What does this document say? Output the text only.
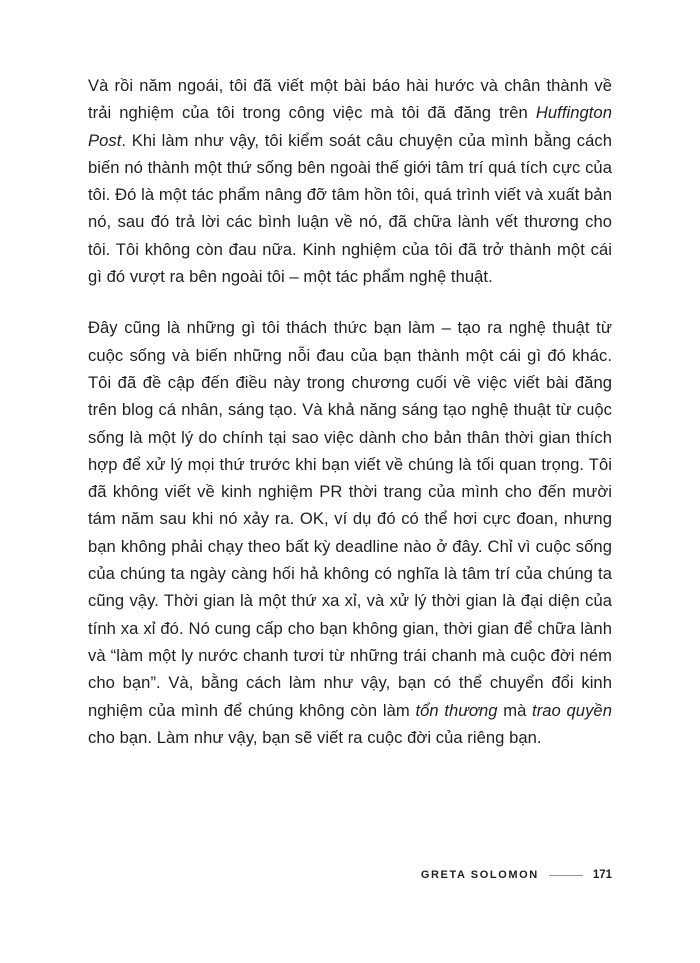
Và rồi năm ngoái, tôi đã viết một bài báo hài hước và chân thành về trải nghiệm của tôi trong công việc mà tôi đã đăng trên Huffington Post. Khi làm như vậy, tôi kiểm soát câu chuyện của mình bằng cách biến nó thành một thứ sống bên ngoài thế giới tâm trí quá tích cực của tôi. Đó là một tác phẩm nâng đỡ tâm hồn tôi, quá trình viết và xuất bản nó, sau đó trả lời các bình luận về nó, đã chữa lành vết thương cho tôi. Tôi không còn đau nữa. Kinh nghiệm của tôi đã trở thành một cái gì đó vượt ra bên ngoài tôi – một tác phẩm nghệ thuật.

Đây cũng là những gì tôi thách thức bạn làm – tạo ra nghệ thuật từ cuộc sống và biến những nỗi đau của bạn thành một cái gì đó khác. Tôi đã đề cập đến điều này trong chương cuối về việc viết bài đăng trên blog cá nhân, sáng tạo. Và khả năng sáng tạo nghệ thuật từ cuộc sống là một lý do chính tại sao việc dành cho bản thân thời gian thích hợp để xử lý mọi thứ trước khi bạn viết về chúng là tối quan trọng. Tôi đã không viết về kinh nghiệm PR thời trang của mình cho đến mười tám năm sau khi nó xảy ra. OK, ví dụ đó có thể hơi cực đoan, nhưng bạn không phải chạy theo bất kỳ deadline nào ở đây. Chỉ vì cuộc sống của chúng ta ngày càng hối hả không có nghĩa là tâm trí của chúng ta cũng vậy. Thời gian là một thứ xa xỉ, và xử lý thời gian là đại diện của tính xa xỉ đó. Nó cung cấp cho bạn không gian, thời gian để chữa lành và “làm một ly nước chanh tươi từ những trái chanh mà cuộc đời ném cho bạn”. Và, bằng cách làm như vậy, bạn có thể chuyển đổi kinh nghiệm của mình để chúng không còn làm tổn thương mà trao quyền cho bạn. Làm như vậy, bạn sẽ viết ra cuộc đời của riêng bạn.

GRETA SOLOMON	171
